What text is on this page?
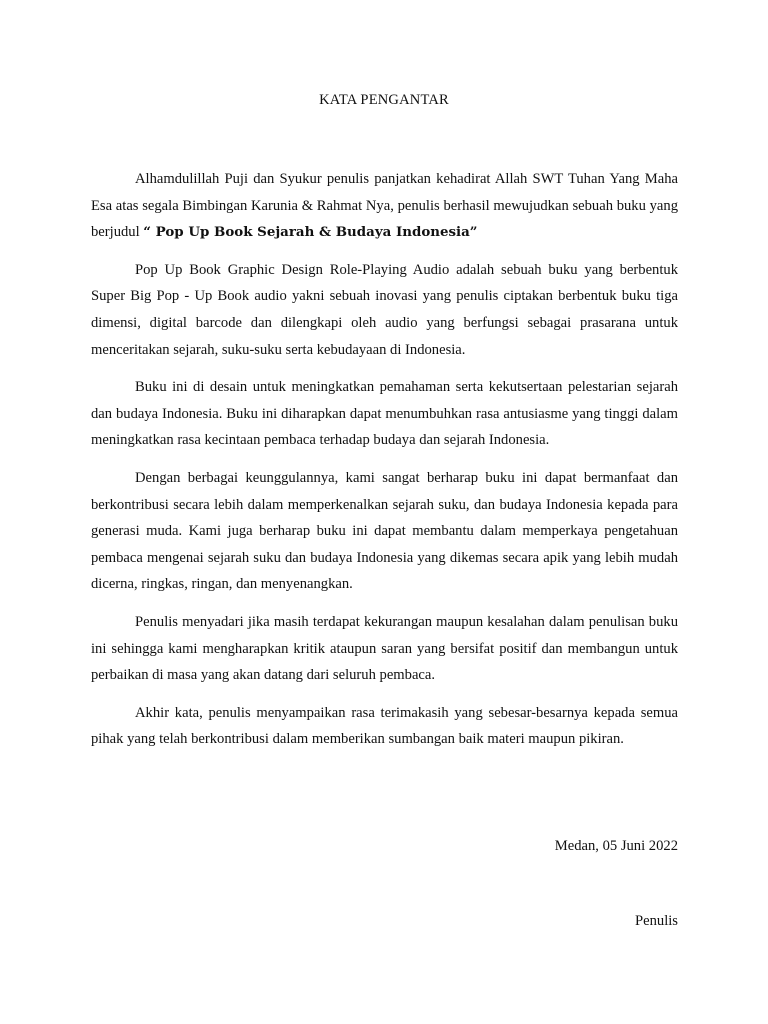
KATA PENGANTAR

Alhamdulillah Puji dan Syukur penulis panjatkan kehadirat Allah SWT Tuhan Yang Maha Esa atas segala Bimbingan Karunia & Rahmat Nya, penulis berhasil mewujudkan sebuah buku yang berjudul “ Pop Up Book Sejarah & Budaya Indonesia”

Pop Up Book Graphic Design Role-Playing Audio adalah sebuah buku yang berbentuk Super Big Pop - Up Book audio yakni sebuah inovasi yang penulis ciptakan berbentuk buku tiga dimensi, digital barcode dan dilengkapi oleh audio yang berfungsi sebagai prasarana untuk menceritakan sejarah, suku-suku serta kebudayaan di Indonesia.

Buku ini di desain untuk meningkatkan pemahaman serta kekutsertaan pelestarian sejarah dan budaya Indonesia. Buku ini diharapkan dapat menumbuhkan rasa antusiasme yang tinggi dalam meningkatkan rasa kecintaan pembaca terhadap budaya dan sejarah Indonesia.

Dengan berbagai keunggulannya, kami sangat berharap buku ini dapat bermanfaat dan berkontribusi secara lebih dalam memperkenalkan sejarah suku, dan budaya Indonesia kepada para generasi muda. Kami juga berharap buku ini dapat membantu dalam memperkaya pengetahuan pembaca mengenai sejarah suku dan budaya Indonesia yang dikemas secara apik yang lebih mudah dicerna, ringkas, ringan, dan menyenangkan.

Penulis menyadari jika masih terdapat kekurangan maupun kesalahan dalam penulisan buku ini sehingga kami mengharapkan kritik ataupun saran yang bersifat positif dan membangun untuk perbaikan di masa yang akan datang dari seluruh pembaca.

Akhir kata, penulis menyampaikan rasa terimakasih yang sebesar-besarnya kepada semua pihak yang telah berkontribusi dalam memberikan sumbangan baik materi maupun pikiran.

Medan, 05 Juni 2022
Penulis
